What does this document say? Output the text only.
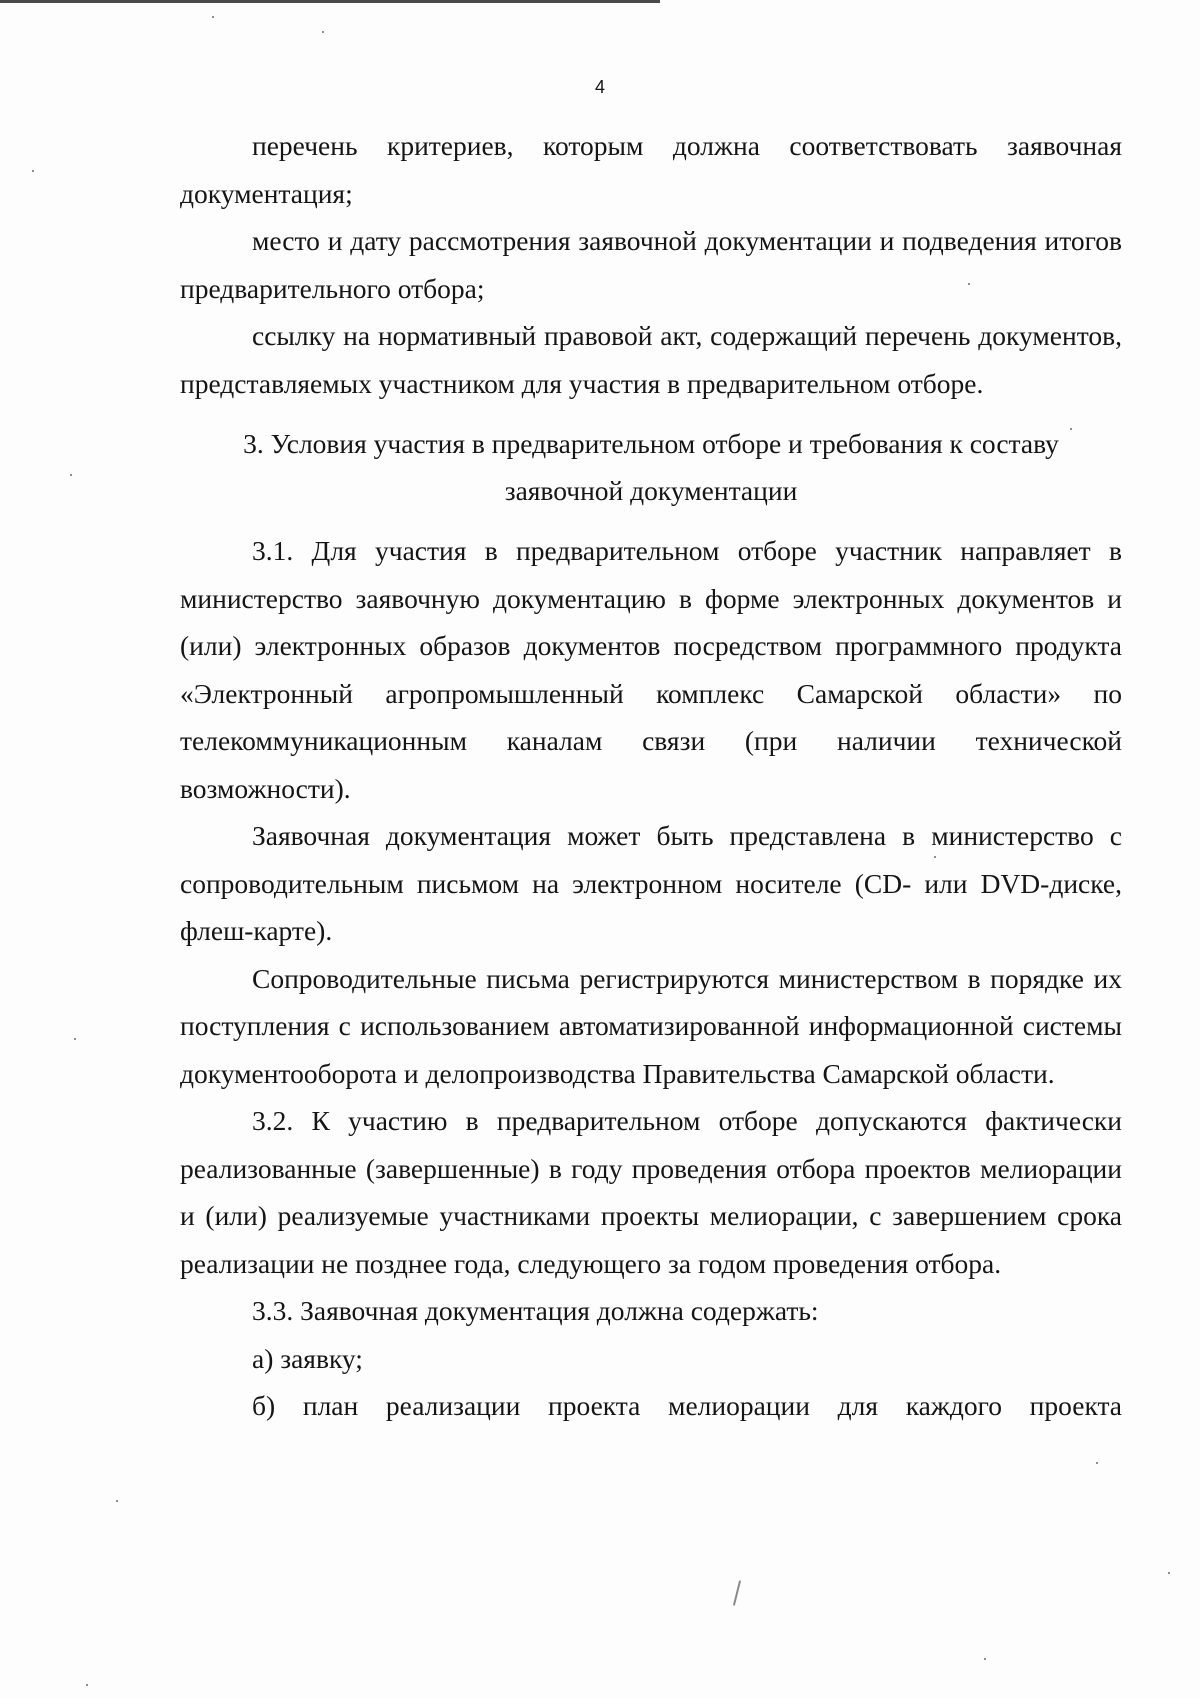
4

перечень критериев, которым должна соответствовать заявочная документация;

место и дату рассмотрения заявочной документации и подведения итогов предварительного отбора;

ссылку на нормативный правовой акт, содержащий перечень документов, представляемых участником для участия в предварительном отборе.

3. Условия участия в предварительном отборе и требования к составу заявочной документации

3.1. Для участия в предварительном отборе участник направляет в министерство заявочную документацию в форме электронных документов и (или) электронных образов документов посредством программного продукта «Электронный агропромышленный комплекс Самарской области» по телекоммуникационным каналам связи (при наличии технической возможности).

Заявочная документация может быть представлена в министерство с сопроводительным письмом на электронном носителе (CD- или DVD-диске, флеш-карте).

Сопроводительные письма регистрируются министерством в порядке их поступления с использованием автоматизированной информационной системы документооборота и делопроизводства Правительства Самарской области.

3.2. К участию в предварительном отборе допускаются фактически реализованные (завершенные) в году проведения отбора проектов мелиорации и (или) реализуемые участниками проекты мелиорации, с завершением срока реализации не позднее года, следующего за годом проведения отбора.

3.3. Заявочная документация должна содержать:

а) заявку;

б) план реализации проекта мелиорации для каждого проекта
